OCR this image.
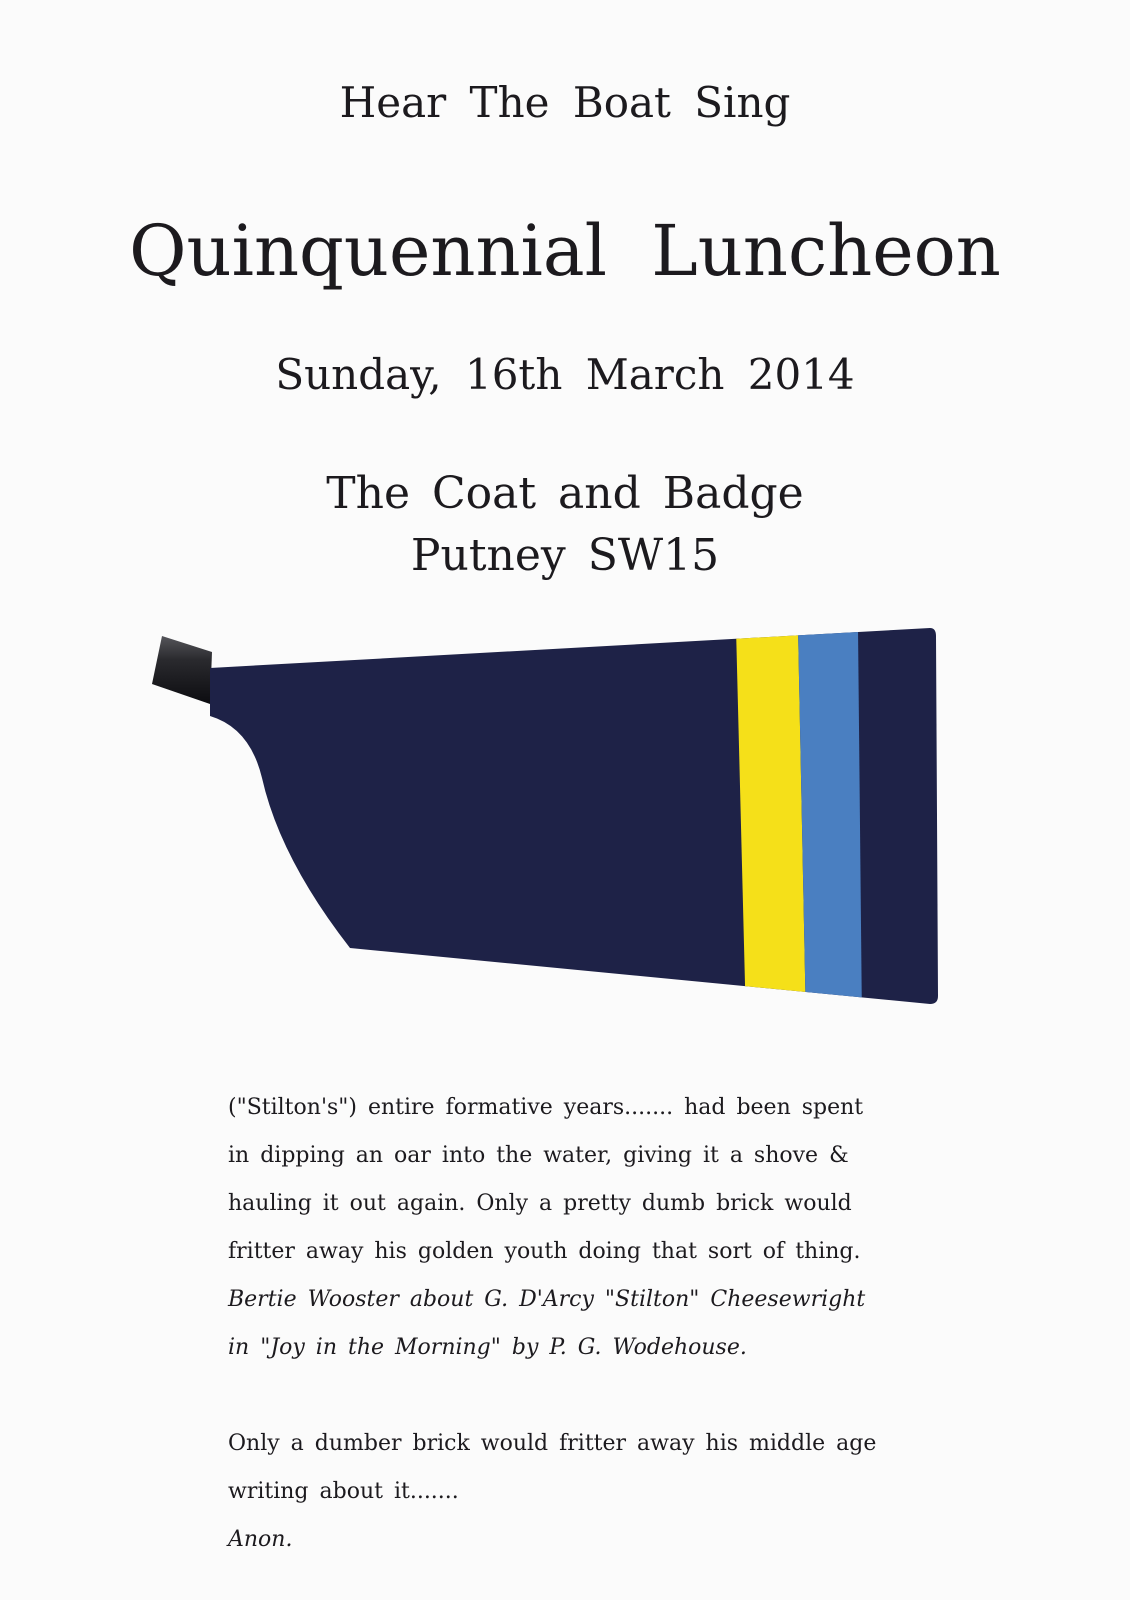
Hear The Boat Sing
Quinquennial Luncheon
Sunday, 16th March 2014
The Coat and Badge
Putney SW15
("Stilton's") entire formative years....... had been spent
in dipping an oar into the water, giving it a shove &
hauling it out again. Only a pretty dumb brick would
fritter away his golden youth doing that sort of thing.
Bertie Wooster about G. D'Arcy "Stilton" Cheesewright
in "Joy in the Morning" by P. G. Wodehouse.
Only a dumber brick would fritter away his middle age
writing about it.......
Anon.
